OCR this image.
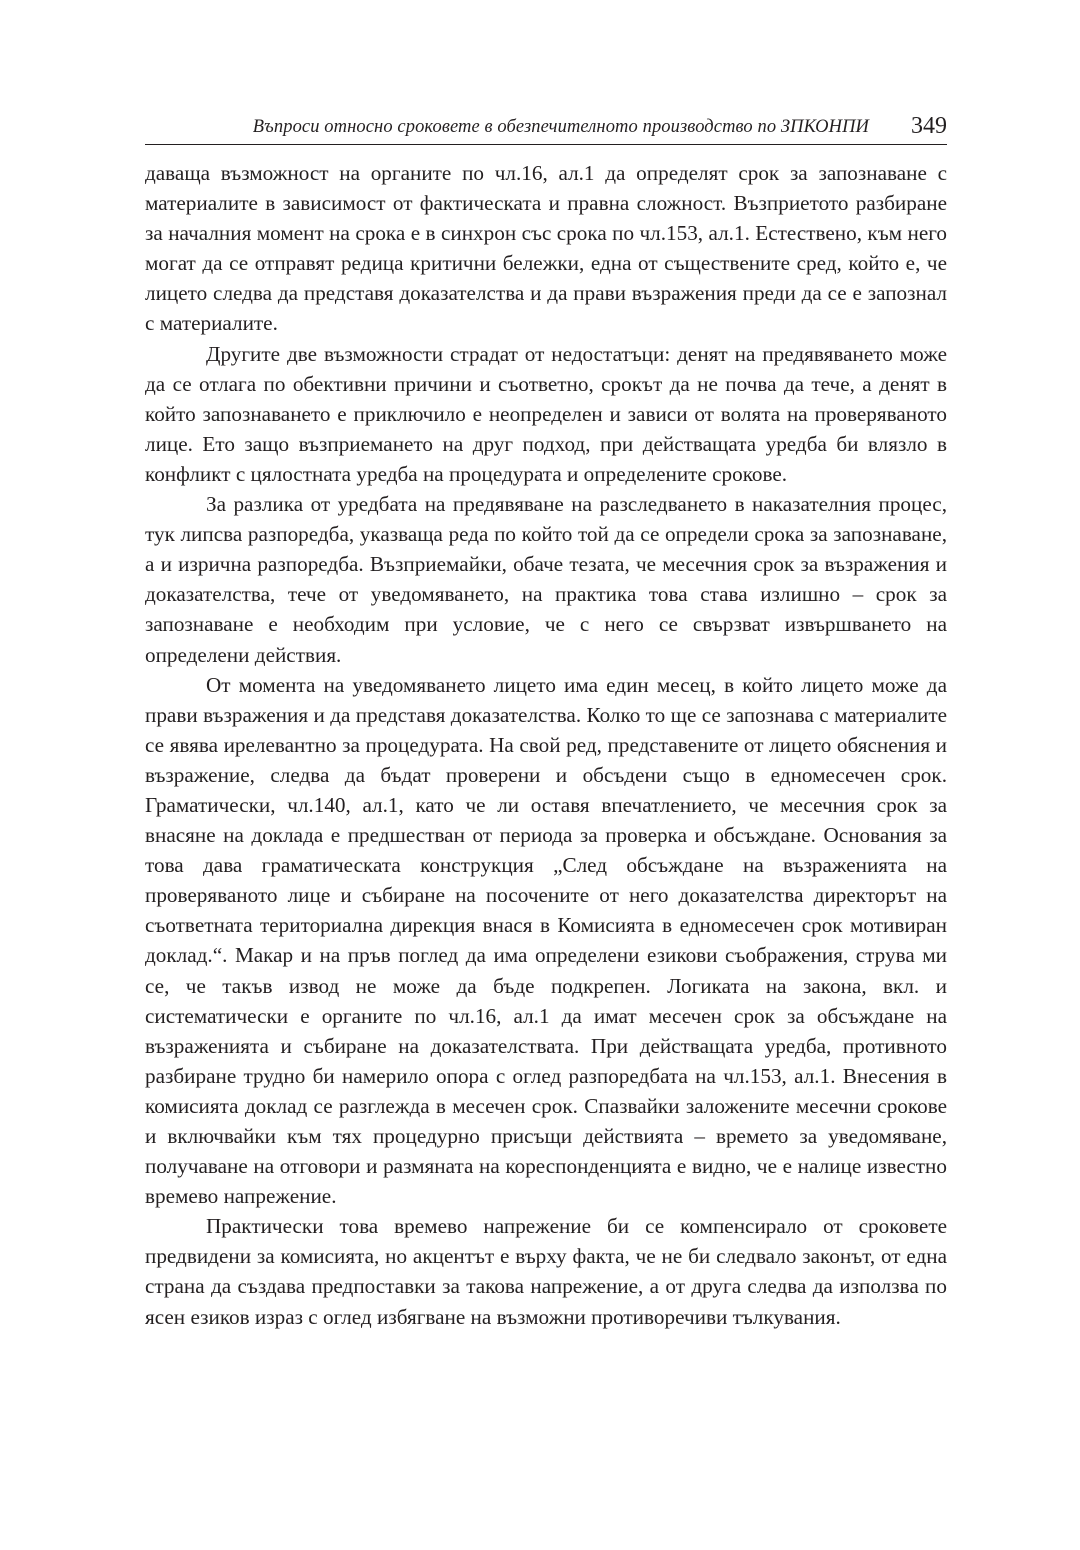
Въпроси относно сроковете в обезпечителното производство по ЗПКОНПИ 349

даваща възможност на органите по чл.16, ал.1 да определят срок за запознаване с материалите в зависимост от фактическата и правна сложност. Възприетото разбиране за началния момент на срока е в синхрон със срока по чл.153, ал.1. Естествено, към него могат да се отправят редица критични бележки, една от съществените сред, който е, че лицето следва да представя доказателства и да прави възражения преди да се е запознал с материалите.

Другите две възможности страдат от недостатъци: денят на предявяването може да се отлага по обективни причини и съответно, срокът да не почва да тече, а денят в който запознаването е приключило е неопределен и зависи от волята на проверяваното лице. Ето защо възприемането на друг подход, при действащата уредба би влязло в конфликт с цялостната уредба на процедурата и определените срокове.

За разлика от уредбата на предявяване на разследването в наказателния процес, тук липсва разпоредба, указваща реда по който той да се определи срока за запознаване, а и изрична разпоредба. Възприемайки, обаче тезата, че месечния срок за възражения и доказателства, тече от уведомяването, на практика това става излишно – срок за запознаване е необходим при условие, че с него се свързват извършването на определени действия.

От момента на уведомяването лицето има един месец, в който лицето може да прави възражения и да представя доказателства. Колко то ще се запознава с материалите се явява ирелевантно за процедурата. На свой ред, представените от лицето обяснения и възражение, следва да бъдат проверени и обсъдени също в едномесечен срок. Граматически, чл.140, ал.1, като че ли оставя впечатлението, че месечния срок за внасяне на доклада е предшестван от периода за проверка и обсъждане. Основания за това дава граматическата конструкция „След обсъждане на възраженията на проверяваното лице и събиране на посочените от него доказателства директорът на съответната териториална дирекция внася в Комисията в едномесечен срок мотивиран доклад.“. Макар и на пръв поглед да има определени езикови съображения, струва ми се, че такъв извод не може да бъде подкрепен. Логиката на закона, вкл. и систематически е органите по чл.16, ал.1 да имат месечен срок за обсъждане на възраженията и събиране на доказателствата. При действащата уредба, противното разбиране трудно би намерило опора с оглед разпоредбата на чл.153, ал.1. Внесения в комисията доклад се разглежда в месечен срок. Спазвайки заложените месечни срокове и включвайки към тях процедурно присъщи действията – времето за уведомяване, получаване на отговори и размяната на кореспонденцията е видно, че е налице известно времево напрежение.

Практически това времево напрежение би се компенсирало от сроковете предвидени за комисията, но акцентът е върху факта, че не би следвало законът, от една страна да създава предпоставки за такова напрежение, а от друга следва да използва по ясен езиков израз с оглед избягване на възможни противоречиви тълкувания.
